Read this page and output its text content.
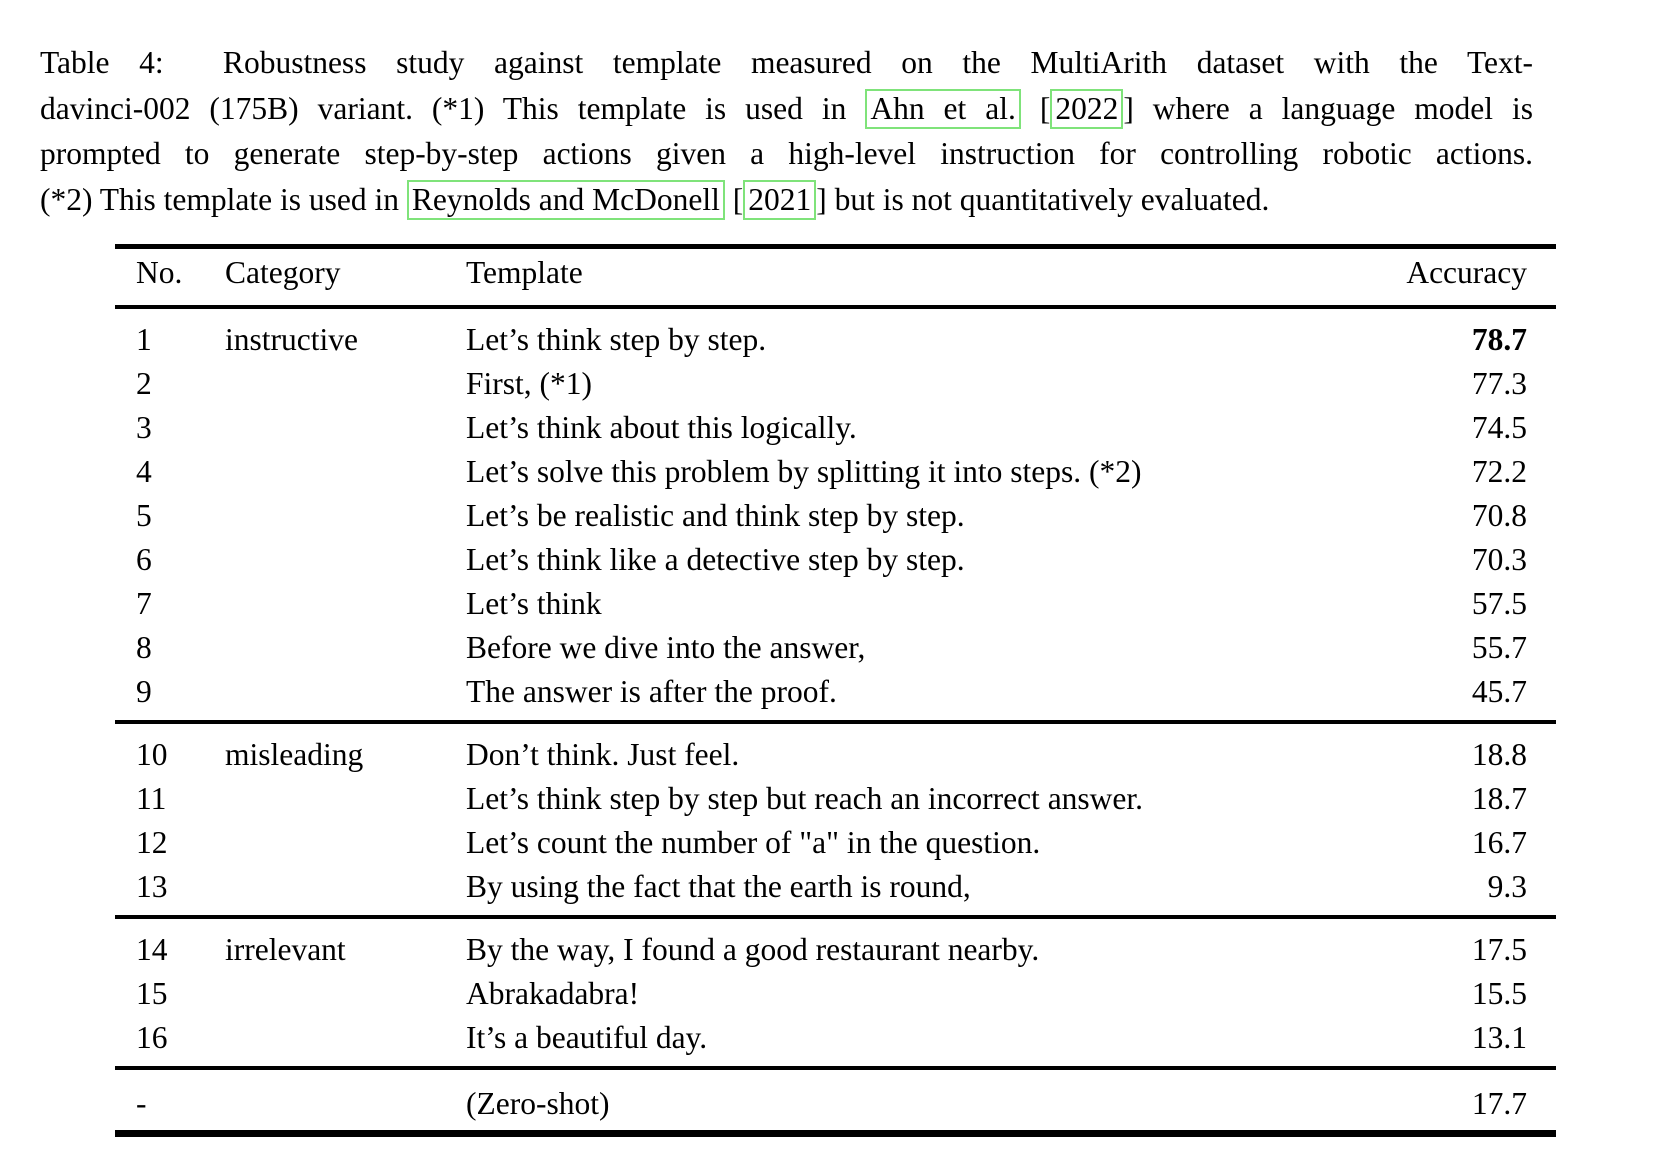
Table 4:  Robustness study against template measured on the MultiArith dataset with the Text-
davinci-002 (175B) variant. (*1) This template is used in Ahn et al. [ 2022 ] where a language model is
prompted to generate step-by-step actions given a high-level instruction for controlling robotic actions.
(*2) This template is used in Reynolds and McDonell [ 2021 ] but is not quantitatively evaluated.
No.	Category	Template	Accuracy
1	instructive	Let’s think step by step.	78.7
2		First, (*1)	77.3
3		Let’s think about this logically.	74.5
4		Let’s solve this problem by splitting it into steps. (*2)	72.2
5		Let’s be realistic and think step by step.	70.8
6		Let’s think like a detective step by step.	70.3
7		Let’s think	57.5
8		Before we dive into the answer,	55.7
9		The answer is after the proof.	45.7
10	misleading	Don’t think. Just feel.	18.8
11		Let’s think step by step but reach an incorrect answer.	18.7
12		Let’s count the number of "a" in the question.	16.7
13		By using the fact that the earth is round,	9.3
14	irrelevant	By the way, I found a good restaurant nearby.	17.5
15		Abrakadabra!	15.5
16		It’s a beautiful day.	13.1
-		(Zero-shot)	17.7
